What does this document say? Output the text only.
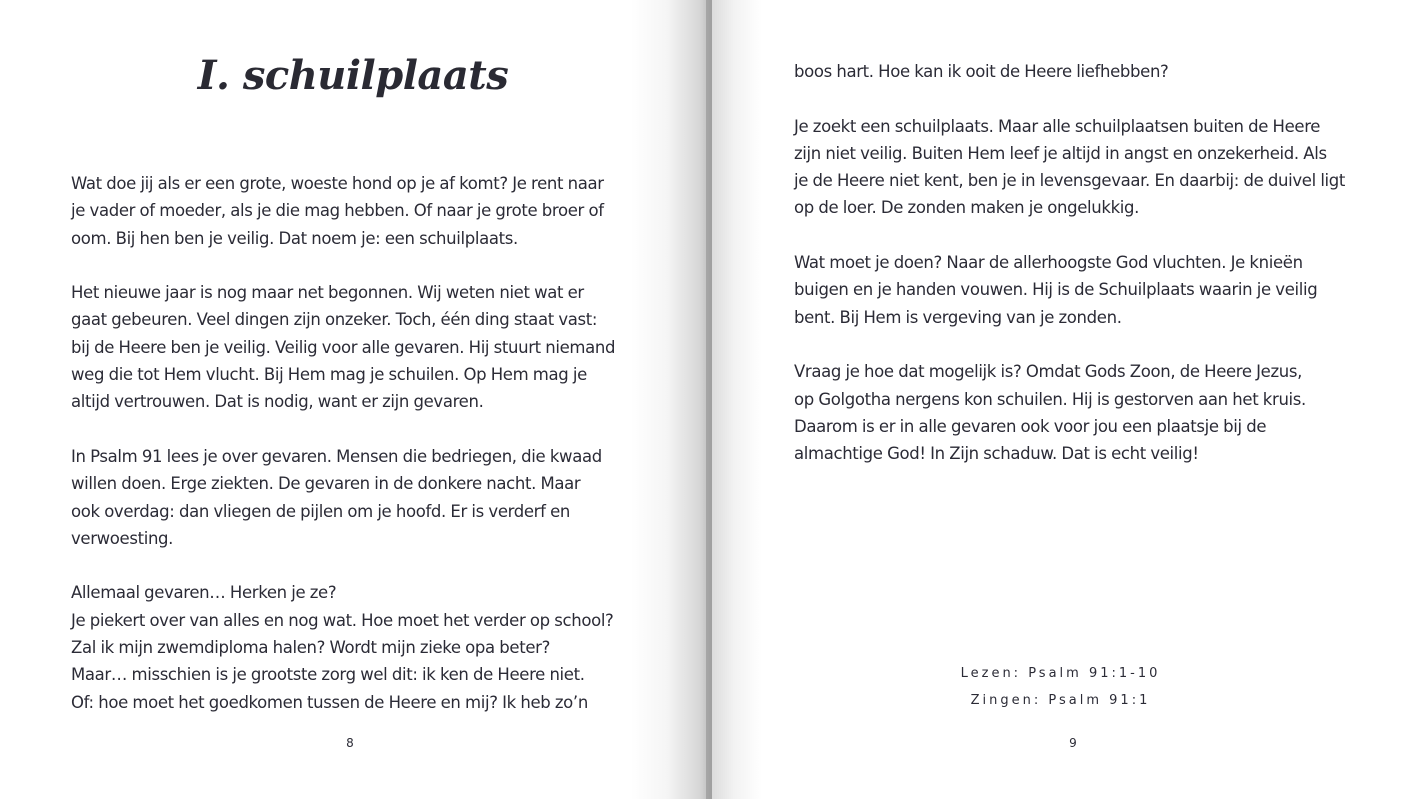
I. schuilplaats

Wat doe jij als er een grote, woeste hond op je af komt? Je rent naar

je vader of moeder, als je die mag hebben. Of naar je grote broer of

oom. Bij hen ben je veilig. Dat noem je: een schuilplaats.

Het nieuwe jaar is nog maar net begonnen. Wij weten niet wat er

gaat gebeuren. Veel dingen zijn onzeker. Toch, één ding staat vast:

bij de Heere ben je veilig. Veilig voor alle gevaren. Hij stuurt niemand

weg die tot Hem vlucht. Bij Hem mag je schuilen. Op Hem mag je

altijd vertrouwen. Dat is nodig, want er zijn gevaren.

In Psalm 91 lees je over gevaren. Mensen die bedriegen, die kwaad

willen doen. Erge ziekten. De gevaren in de donkere nacht. Maar

ook overdag: dan vliegen de pijlen om je hoofd. Er is verderf en

verwoesting.

Allemaal gevaren… Herken je ze?

Je piekert over van alles en nog wat. Hoe moet het verder op school?

Zal ik mijn zwemdiploma halen? Wordt mijn zieke opa beter?

Maar… misschien is je grootste zorg wel dit: ik ken de Heere niet.

Of: hoe moet het goedkomen tussen de Heere en mij? Ik heb zo’n

8

boos hart. Hoe kan ik ooit de Heere liefhebben?

Je zoekt een schuilplaats. Maar alle schuilplaatsen buiten de Heere

zijn niet veilig. Buiten Hem leef je altijd in angst en onzekerheid. Als

je de Heere niet kent, ben je in levensgevaar. En daarbij: de duivel ligt

op de loer. De zonden maken je ongelukkig.

Wat moet je doen? Naar de allerhoogste God vluchten. Je knieën

buigen en je handen vouwen. Hij is de Schuilplaats waarin je veilig

bent. Bij Hem is vergeving van je zonden.

Vraag je hoe dat mogelijk is? Omdat Gods Zoon, de Heere Jezus,

op Golgotha nergens kon schuilen. Hij is gestorven aan het kruis.

Daarom is er in alle gevaren ook voor jou een plaatsje bij de

almachtige God! In Zijn schaduw. Dat is echt veilig!

Lezen: Psalm 91:1-10
Zingen: Psalm 91:1
9
